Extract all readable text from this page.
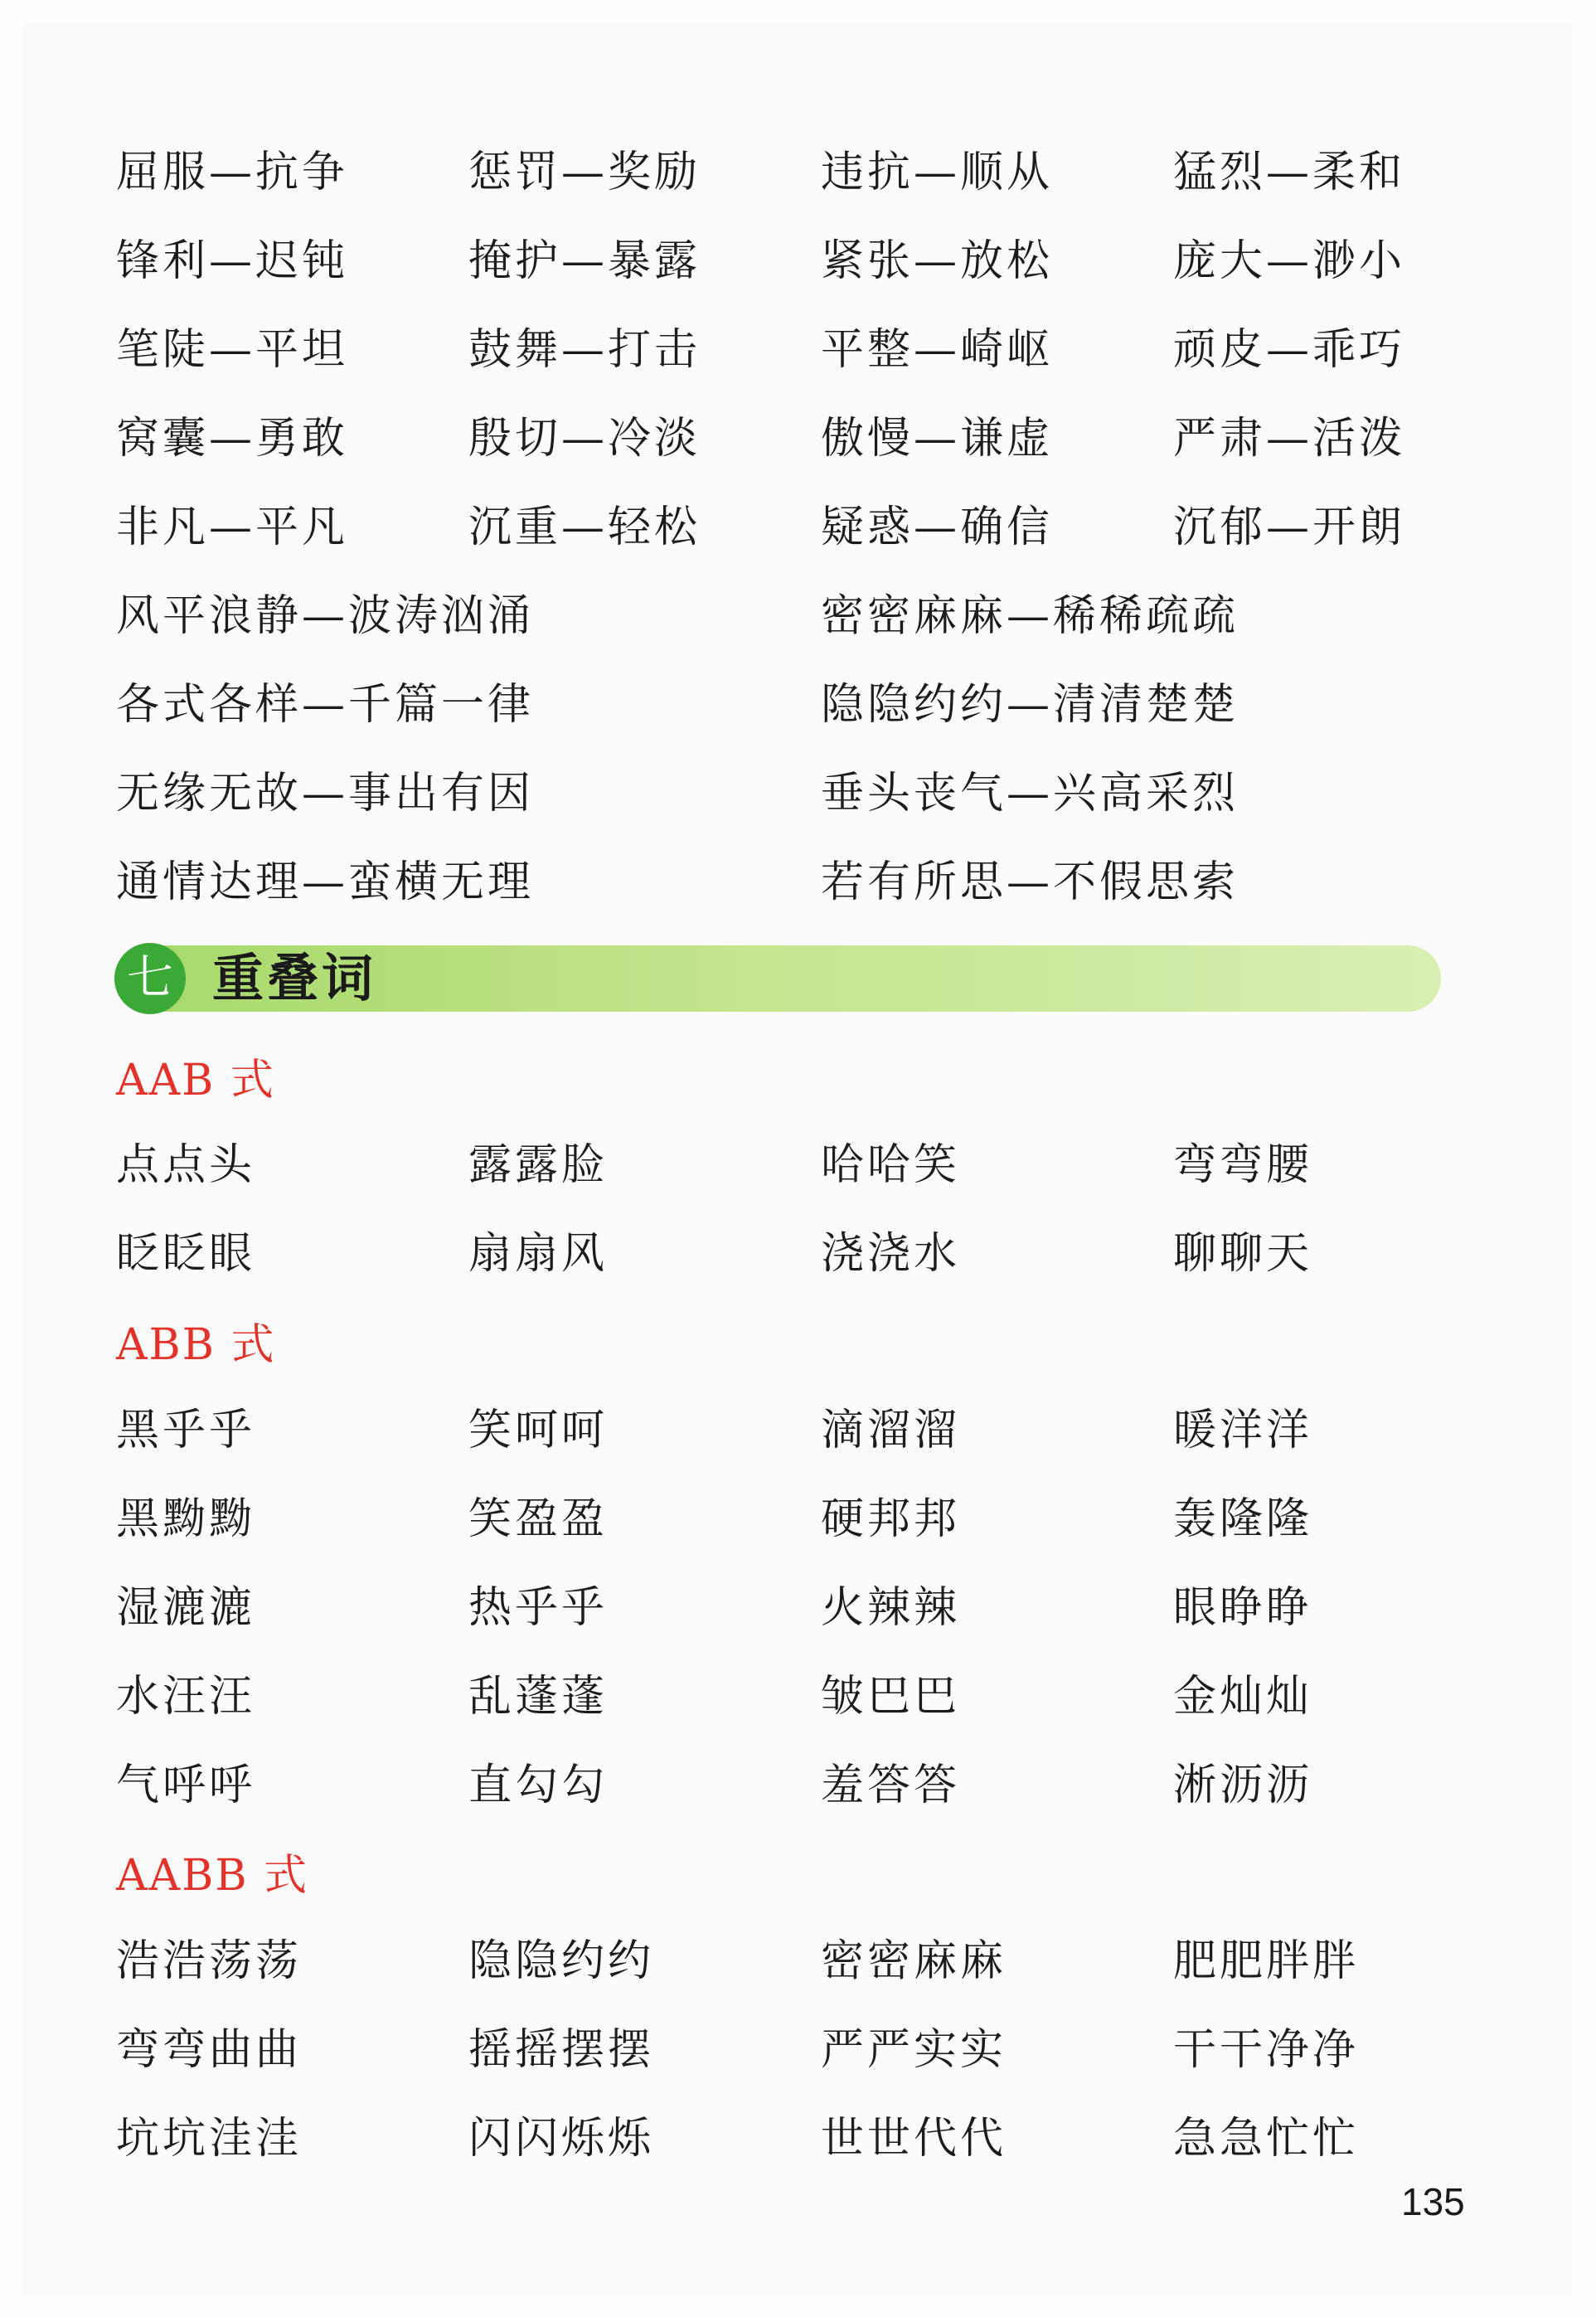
屈服—抗争	惩罚—奖励	违抗—顺从	猛烈—柔和
锋利—迟钝	掩护—暴露	紧张—放松	庞大—渺小
笔陡—平坦	鼓舞—打击	平整—崎岖	顽皮—乖巧
窝囊—勇敢	殷切—冷淡	傲慢—谦虚	严肃—活泼
非凡—平凡	沉重—轻松	疑惑—确信	沉郁—开朗
风平浪静—波涛汹涌	密密麻麻—稀稀疏疏
各式各样—千篇一律	隐隐约约—清清楚楚
无缘无故—事出有因	垂头丧气—兴高采烈
通情达理—蛮横无理	若有所思—不假思索
七 重叠词
AAB 式
点点头	露露脸	哈哈笑	弯弯腰
眨眨眼	扇扇风	浇浇水	聊聊天
ABB 式
黑乎乎	笑呵呵	滴溜溜	暖洋洋
黑黝黝	笑盈盈	硬邦邦	轰隆隆
湿漉漉	热乎乎	火辣辣	眼睁睁
水汪汪	乱蓬蓬	皱巴巴	金灿灿
气呼呼	直勾勾	羞答答	淅沥沥
AABB 式
浩浩荡荡	隐隐约约	密密麻麻	肥肥胖胖
弯弯曲曲	摇摇摆摆	严严实实	干干净净
坑坑洼洼	闪闪烁烁	世世代代	急急忙忙
135
